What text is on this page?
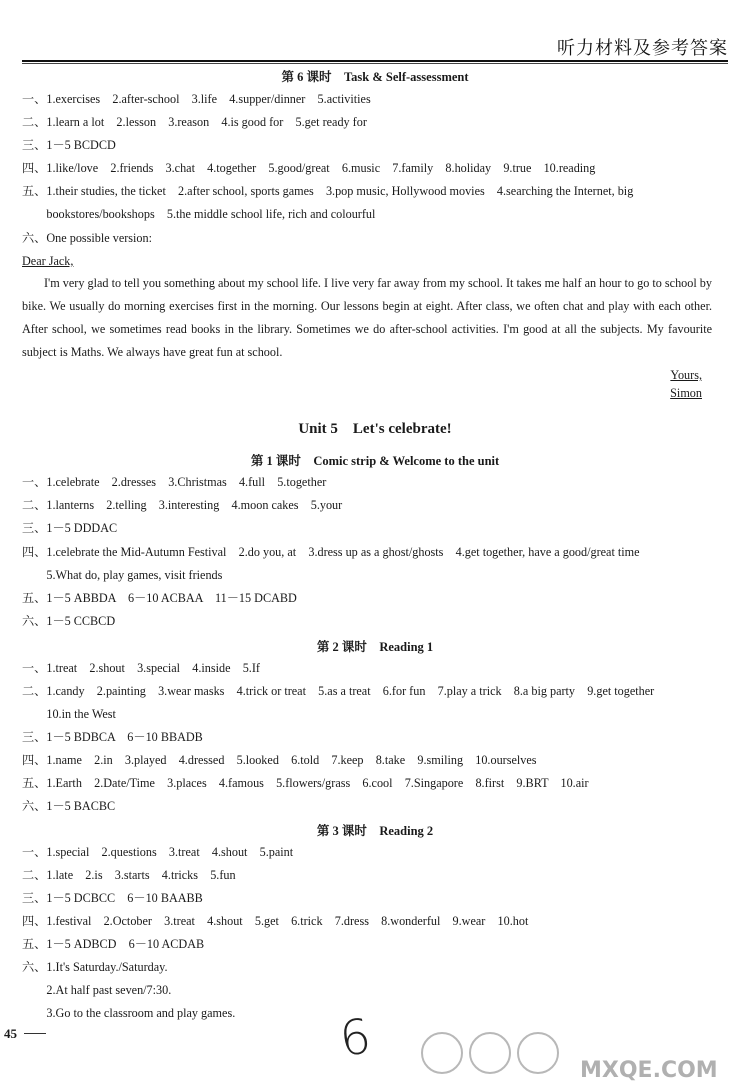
听力材料及参考答案
第 6 课时　Task & Self-assessment
一、1.exercises　2.after-school　3.life　4.supper/dinner　5.activities
二、1.learn a lot　2.lesson　3.reason　4.is good for　5.get ready for
三、1－5 BCDCD
四、1.like/love　2.friends　3.chat　4.together　5.good/great　6.music　7.family　8.holiday　9.true　10.reading
五、1.their studies, the ticket　2.after school, sports games　3.pop music, Hollywood movies　4.searching the Internet, big
　　bookstores/bookshops　5.the middle school life, rich and colourful
六、One possible version:
Dear Jack,
I'm very glad to tell you something about my school life. I live very far away from my school. It takes me half an hour to go to school by bike. We usually do morning exercises first in the morning. Our lessons begin at eight. After class, we often chat and play with each other. After school, we sometimes read books in the library. Sometimes we do after-school activities. I'm good at all the subjects. My favourite subject is Maths. We always have great fun at school.
Yours,
Simon
Unit 5　Let's celebrate!
第 1 课时　Comic strip & Welcome to the unit
一、1.celebrate　2.dresses　3.Christmas　4.full　5.together
二、1.lanterns　2.telling　3.interesting　4.moon cakes　5.your
三、1－5 DDDAC
四、1.celebrate the Mid-Autumn Festival　2.do you, at　3.dress up as a ghost/ghosts　4.get together, have a good/great time
　　5.What do, play games, visit friends
五、1－5 ABBDA　6－10 ACBAA　11－15 DCABD
六、1－5 CCBCD
第 2 课时　Reading 1
一、1.treat　2.shout　3.special　4.inside　5.If
二、1.candy　2.painting　3.wear masks　4.trick or treat　5.as a treat　6.for fun　7.play a trick　8.a big party　9.get together
　　10.in the West
三、1－5 BDBCA　6－10 BBADB
四、1.name　2.in　3.played　4.dressed　5.looked　6.told　7.keep　8.take　9.smiling　10.ourselves
五、1.Earth　2.Date/Time　3.places　4.famous　5.flowers/grass　6.cool　7.Singapore　8.first　9.BRT　10.air
六、1－5 BACBC
第 3 课时　Reading 2
一、1.special　2.questions　3.treat　4.shout　5.paint
二、1.late　2.is　3.starts　4.tricks　5.fun
三、1－5 DCBCC　6－10 BAABB
四、1.festival　2.October　3.treat　4.shout　5.get　6.trick　7.dress　8.wonderful　9.wear　10.hot
五、1－5 ADBCD　6－10 ACDAB
六、1.It's Saturday./Saturday.
　　2.At half past seven/7:30.
　　3.Go to the classroom and play games.
45	6
MXQE.COM
